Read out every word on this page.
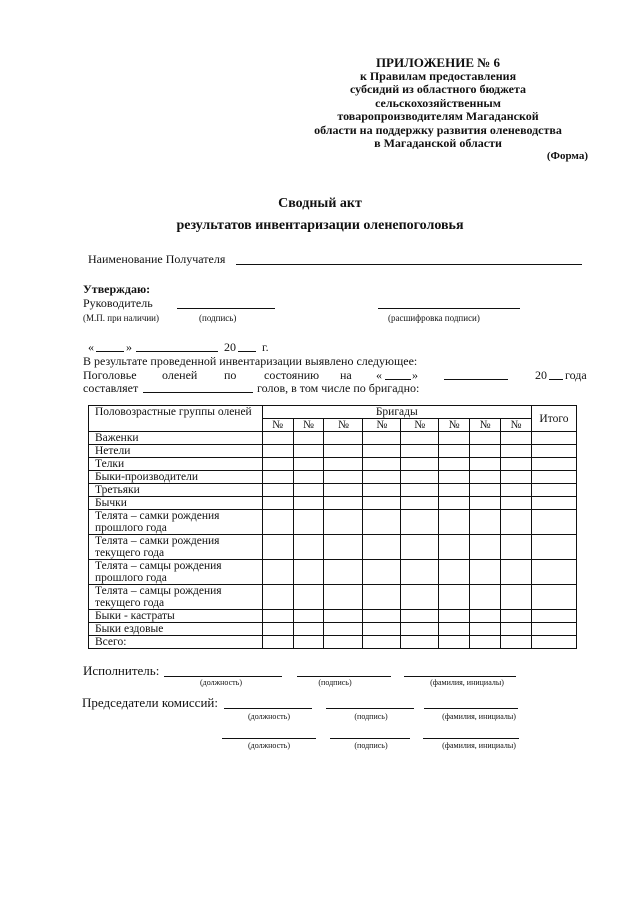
ПРИЛОЖЕНИЕ № 6
к Правилам предоставления
субсидий из областного бюджета
сельскохозяйственным
товаропроизводителям Магаданской
области на поддержку развития оленеводства
в Магаданской области
(Форма)
Сводный акт
результатов инвентаризации оленепоголовья
Наименование Получателя
Утверждаю:
Руководитель
(М.П. при наличии)	(подпись)	(расшифровка подписи)
«	»	20 г.
В результате проведенной инвентаризации выявлено следующее:
Поголовье оленей по состоянию на «	»	20 года
составляет	голов, в том числе по бригадно:
Половозрастные группы оленей	Бригады								Итого
	№	№	№	№	№	№	№	№	
Важенки									
Нетели									
Телки									
Быки-производители									
Третьяки									
Бычки									
Телята – самки рождения прошлого года									
Телята – самки рождения текущего года									
Телята – самцы рождения прошлого года									
Телята – самцы рождения текущего года									
Быки - кастраты									
Быки ездовые									
Всего:									
Исполнитель:
(должность)	(подпись)	(фамилия, инициалы)
Председатели комиссий:
(должность)	(подпись)	(фамилия, инициалы)
(должность)	(подпись)	(фамилия, инициалы)
